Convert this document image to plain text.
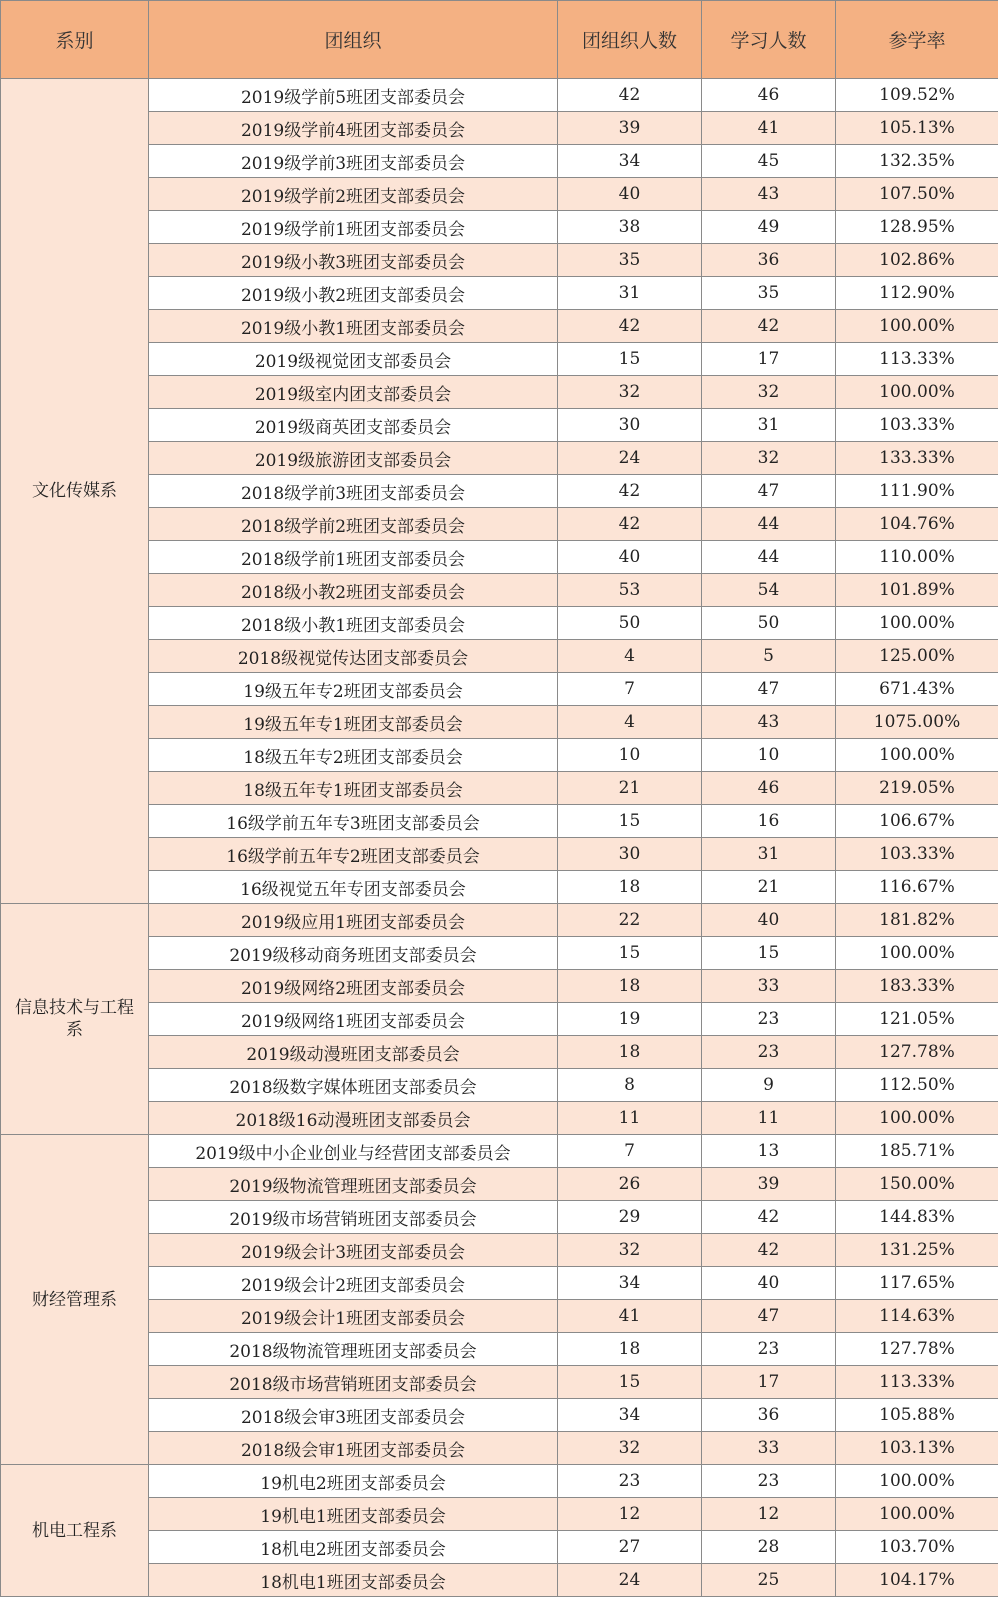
系别	团组织	团组织人数	学习人数	参学率
文化传媒系	2019级学前5班团支部委员会	42	46	109.52%
	2019级学前4班团支部委员会	39	41	105.13%
	2019级学前3班团支部委员会	34	45	132.35%
	2019级学前2班团支部委员会	40	43	107.50%
	2019级学前1班团支部委员会	38	49	128.95%
	2019级小教3班团支部委员会	35	36	102.86%
	2019级小教2班团支部委员会	31	35	112.90%
	2019级小教1班团支部委员会	42	42	100.00%
	2019级视觉团支部委员会	15	17	113.33%
	2019级室内团支部委员会	32	32	100.00%
	2019级商英团支部委员会	30	31	103.33%
	2019级旅游团支部委员会	24	32	133.33%
	2018级学前3班团支部委员会	42	47	111.90%
	2018级学前2班团支部委员会	42	44	104.76%
	2018级学前1班团支部委员会	40	44	110.00%
	2018级小教2班团支部委员会	53	54	101.89%
	2018级小教1班团支部委员会	50	50	100.00%
	2018级视觉传达团支部委员会	4	5	125.00%
	19级五年专2班团支部委员会	7	47	671.43%
	19级五年专1班团支部委员会	4	43	1075.00%
	18级五年专2班团支部委员会	10	10	100.00%
	18级五年专1班团支部委员会	21	46	219.05%
	16级学前五年专3班团支部委员会	15	16	106.67%
	16级学前五年专2班团支部委员会	30	31	103.33%
	16级视觉五年专团支部委员会	18	21	116.67%
信息技术与工程系	2019级应用1班团支部委员会	22	40	181.82%
	2019级移动商务班团支部委员会	15	15	100.00%
	2019级网络2班团支部委员会	18	33	183.33%
	2019级网络1班团支部委员会	19	23	121.05%
	2019级动漫班团支部委员会	18	23	127.78%
	2018级数字媒体班团支部委员会	8	9	112.50%
	2018级16动漫班团支部委员会	11	11	100.00%
财经管理系	2019级中小企业创业与经营团支部委员会	7	13	185.71%
	2019级物流管理班团支部委员会	26	39	150.00%
	2019级市场营销班团支部委员会	29	42	144.83%
	2019级会计3班团支部委员会	32	42	131.25%
	2019级会计2班团支部委员会	34	40	117.65%
	2019级会计1班团支部委员会	41	47	114.63%
	2018级物流管理班团支部委员会	18	23	127.78%
	2018级市场营销班团支部委员会	15	17	113.33%
	2018级会审3班团支部委员会	34	36	105.88%
	2018级会审1班团支部委员会	32	33	103.13%
机电工程系	19机电2班团支部委员会	23	23	100.00%
	19机电1班团支部委员会	12	12	100.00%
	18机电2班团支部委员会	27	28	103.70%
	18机电1班团支部委员会	24	25	104.17%
